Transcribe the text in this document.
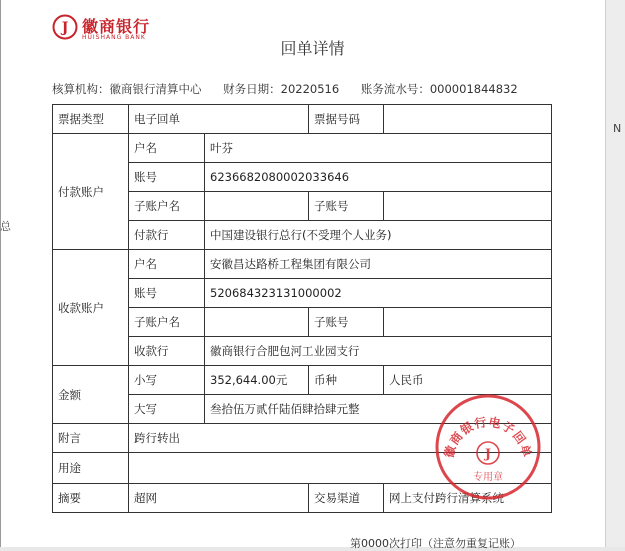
N
总
J 徽商银行
HUISHANG BANK
回单详情
核算机构：徽商银行清算中心 财务日期：20220516 账务流水号：000001844832
票据类型	电子回单		票据号码	
付款账户	户名	叶芬		
	账号	6236682080002033646		
	子账户名		子账号	
	付款行	中国建设银行总行(不受理个人业务)		
收款账户	户名	安徽昌达路桥工程集团有限公司		
	账号	520684323131000002		
	子账户名		子账号	
	收款行	徽商银行合肥包河工业园支行		
金额	小写	352,644.00元	币种	人民币
	大写	叁拾伍万贰仟陆佰肆拾肆元整		
附言	跨行转出			
用途				
摘要	超网		交易渠道	网上支付跨行清算系统
徽商银行电子回单
J
专用章
第0000次打印（注意勿重复记账）
